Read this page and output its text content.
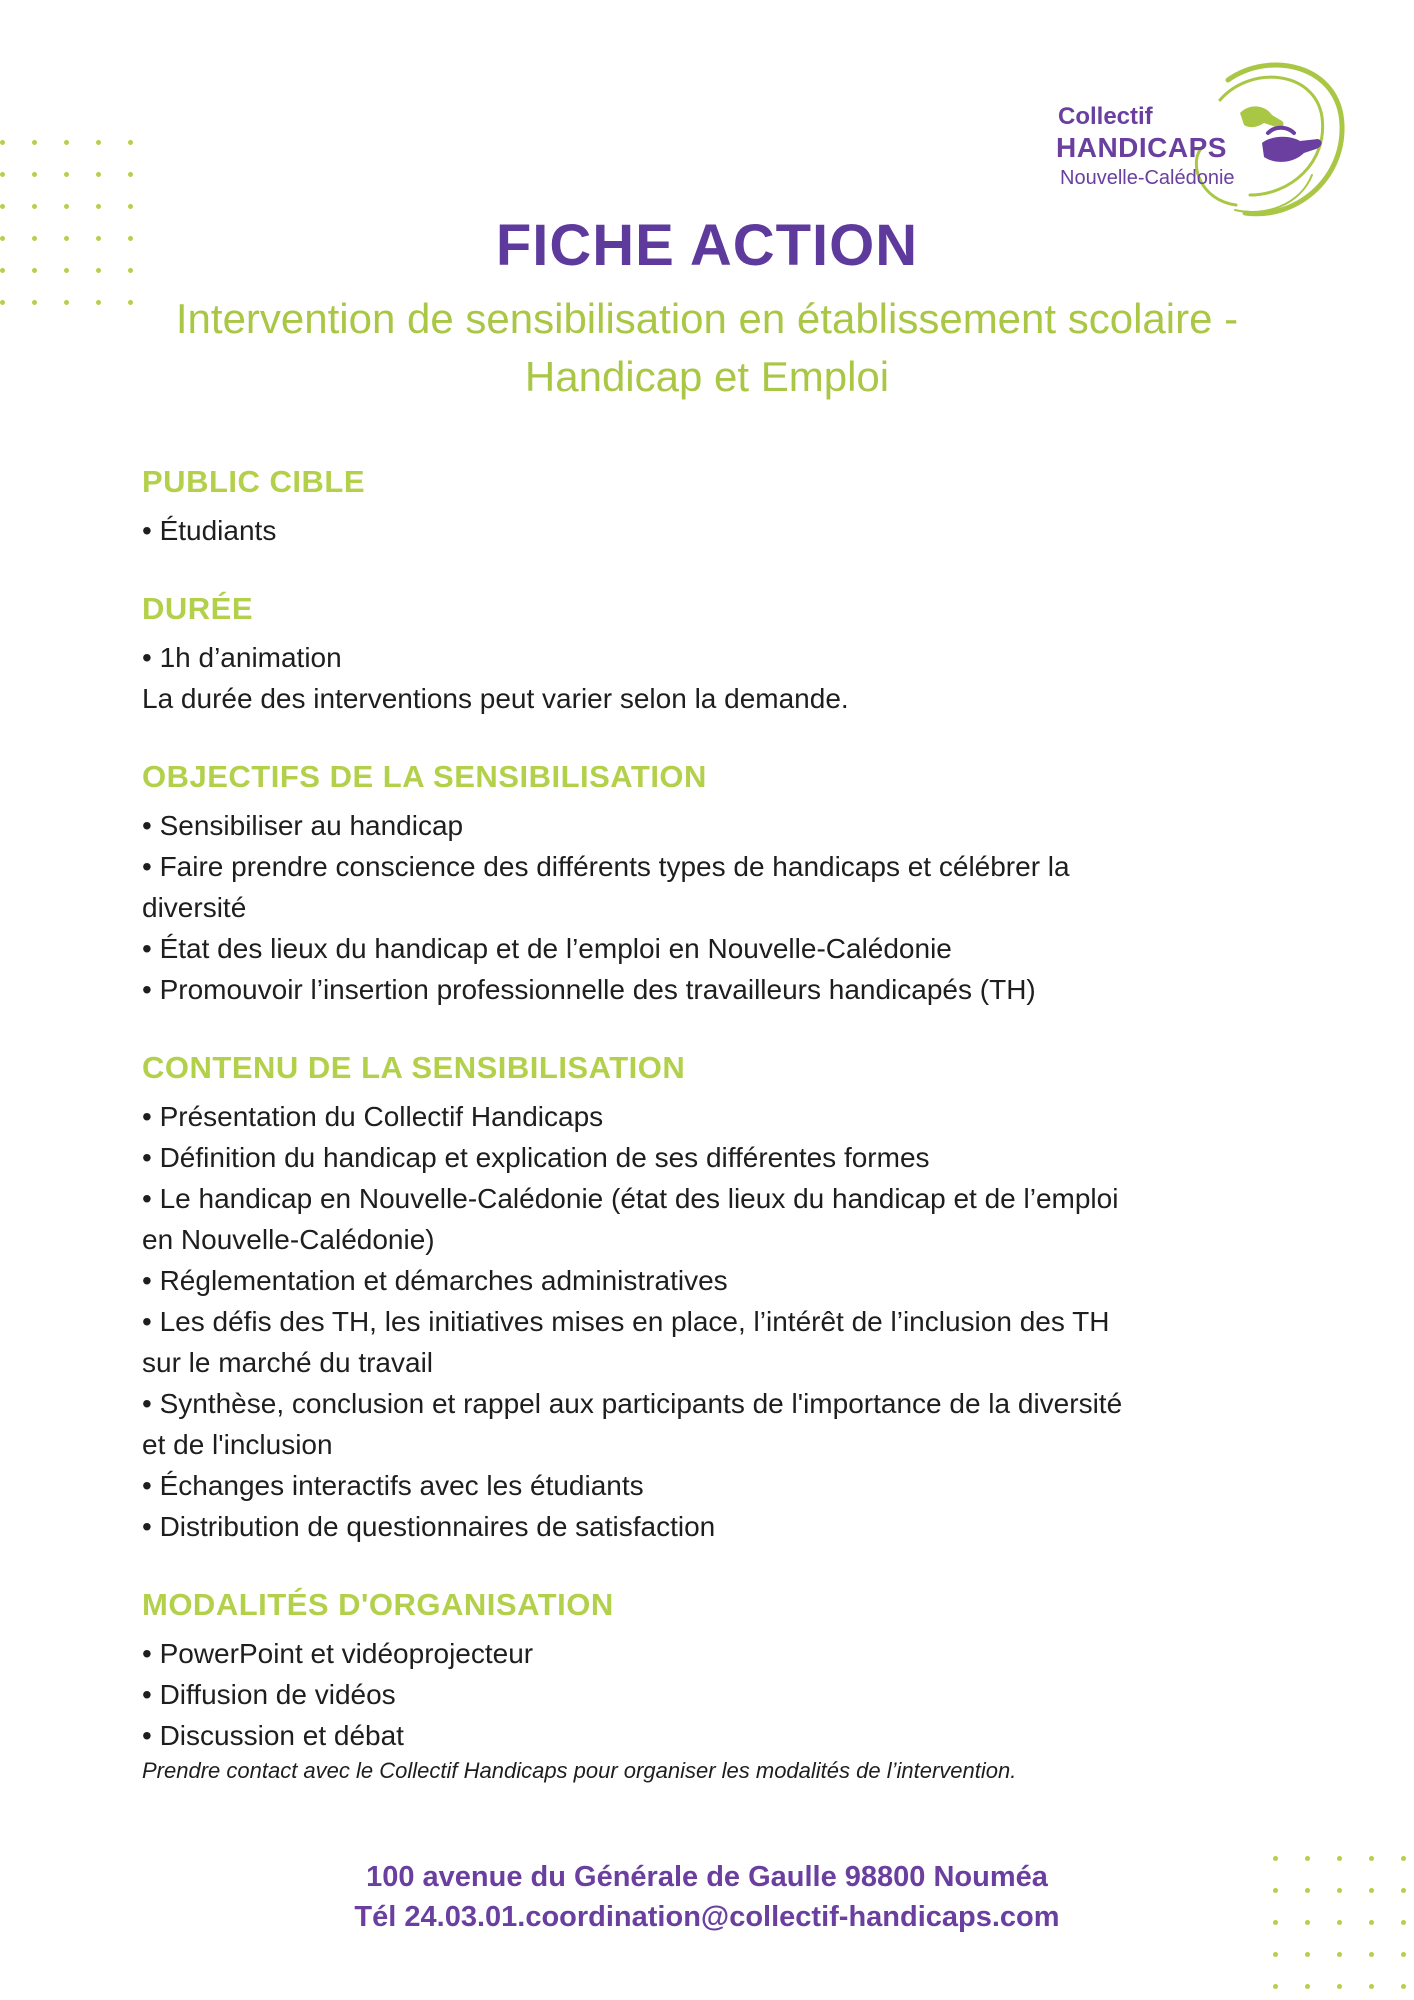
Collectif
HANDICAPS
Nouvelle-Calédonie
FICHE ACTION
Intervention de sensibilisation en établissement scolaire - Handicap et Emploi
PUBLIC CIBLE

• Étudiants

DURÉE

• 1h d’animation

La durée des interventions peut varier selon la demande.

OBJECTIFS DE LA SENSIBILISATION

• Sensibiliser au handicap

• Faire prendre conscience des différents types de handicaps et célébrer la

diversité

• État des lieux du handicap et de l’emploi en Nouvelle-Calédonie

• Promouvoir l’insertion professionnelle des travailleurs handicapés (TH)

CONTENU DE LA SENSIBILISATION

• Présentation du Collectif Handicaps

• Définition du handicap et explication de ses différentes formes

• Le handicap en Nouvelle-Calédonie (état des lieux du handicap et de l’emploi

en Nouvelle-Calédonie)

• Réglementation et démarches administratives

• Les défis des TH, les initiatives mises en place, l’intérêt de l’inclusion des TH

sur le marché du travail

• Synthèse, conclusion et rappel aux participants de l'importance de la diversité

et de l'inclusion

• Échanges interactifs avec les étudiants

• Distribution de questionnaires de satisfaction

MODALITÉS D'ORGANISATION

• PowerPoint et vidéoprojecteur

• Diffusion de vidéos

• Discussion et débat

Prendre contact avec le Collectif Handicaps pour organiser les modalités de l’intervention.

100 avenue du Générale de Gaulle 98800 Nouméa
Tél 24.03.01.coordination@collectif-handicaps.com
